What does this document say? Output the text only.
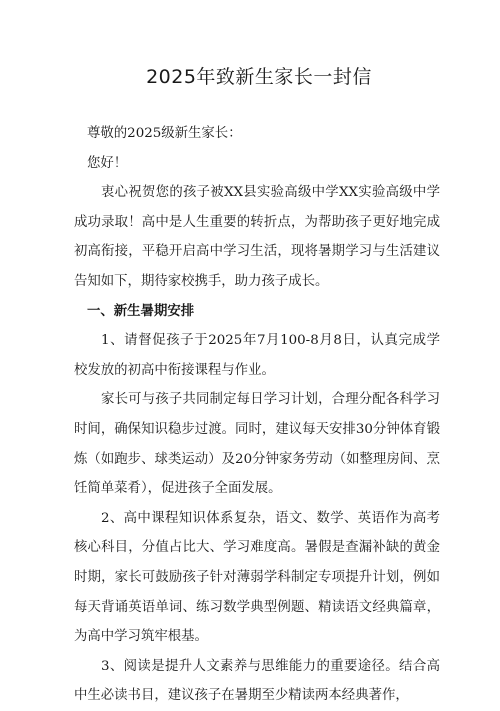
2025年致新生家长一封信

尊敬的2025级新生家长：

您好！

衷心祝贺您的孩子被XX县实验高级中学XX实验高级中学成功录取！高中是人生重要的转折点，为帮助孩子更好地完成初高衔接，平稳开启高中学习生活，现将暑期学习与生活建议告知如下，期待家校携手，助力孩子成长。

一、新生暑期安排

1、请督促孩子于2025年7月100-8月8日，认真完成学校发放的初高中衔接课程与作业。

家长可与孩子共同制定每日学习计划，合理分配各科学习时间，确保知识稳步过渡。同时，建议每天安排30分钟体育锻炼（如跑步、球类运动）及20分钟家务劳动（如整理房间、烹饪简单菜肴），促进孩子全面发展。

2、高中课程知识体系复杂，语文、数学、英语作为高考核心科目，分值占比大、学习难度高。暑假是查漏补缺的黄金时期，家长可鼓励孩子针对薄弱学科制定专项提升计划，例如每天背诵英语单词、练习数学典型例题、精读语文经典篇章，为高中学习筑牢根基。

3、阅读是提升人文素养与思维能力的重要途径。结合高中生必读书目，建议孩子在暑期至少精读两本经典著作，
